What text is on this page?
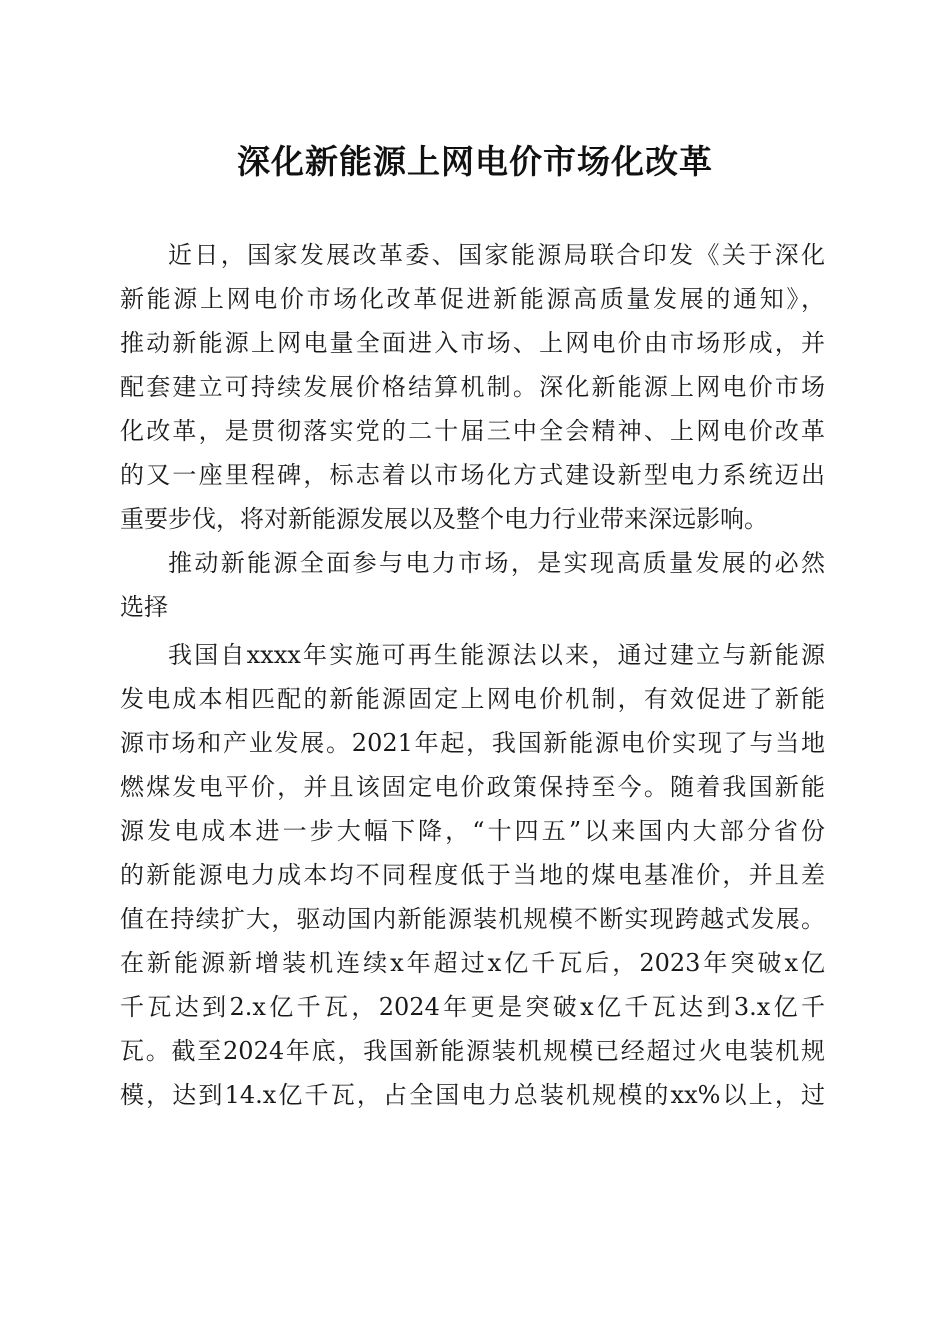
深化新能源上网电价市场化改革
近日，国家发展改革委、国家能源局联合印发《关于深化
新能源上网电价市场化改革促进新能源高质量发展的通知》，
推动新能源上网电量全面进入市场、上网电价由市场形成，并
配套建立可持续发展价格结算机制。深化新能源上网电价市场
化改革，是贯彻落实党的二十届三中全会精神、上网电价改革
的又一座里程碑，标志着以市场化方式建设新型电力系统迈出
重要步伐，将对新能源发展以及整个电力行业带来深远影响。
推动新能源全面参与电力市场，是实现高质量发展的必然
选择
我国自xxxx年实施可再生能源法以来，通过建立与新能源
发电成本相匹配的新能源固定上网电价机制，有效促进了新能
源市场和产业发展。2021年起，我国新能源电价实现了与当地
燃煤发电平价，并且该固定电价政策保持至今。随着我国新能
源发电成本进一步大幅下降，“十四五”以来国内大部分省份
的新能源电力成本均不同程度低于当地的煤电基准价，并且差
值在持续扩大，驱动国内新能源装机规模不断实现跨越式发展。
在新能源新增装机连续x年超过x亿千瓦后，2023年突破x亿
千瓦达到2.x亿千瓦，2024年更是突破x亿千瓦达到3.x亿千
瓦。截至2024年底，我国新能源装机规模已经超过火电装机规
模，达到14.x亿千瓦，占全国电力总装机规模的xx%以上，过
